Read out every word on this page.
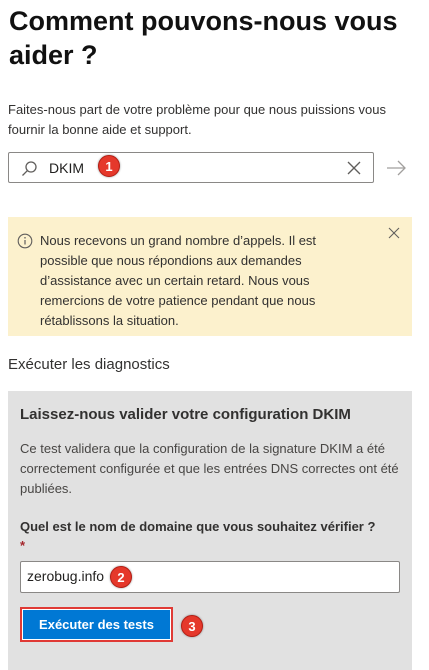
Comment pouvons-nous vous aider ?
Faites-nous part de votre problème pour que nous puissions vous fournir la bonne aide et support.
DKIM
1
Nous recevons un grand nombre d’appels. Il est possible que nous répondions aux demandes d’assistance avec un certain retard. Nous vous remercions de votre patience pendant que nous rétablissons la situation.
Exécuter les diagnostics
Laissez-nous valider votre configuration DKIM
Ce test validera que la configuration de la signature DKIM a été correctement configurée et que les entrées DNS correctes ont été publiées.
Quel est le nom de domaine que vous souhaitez vérifier ?
*
zerobug.info
Exécuter des tests
2
3
